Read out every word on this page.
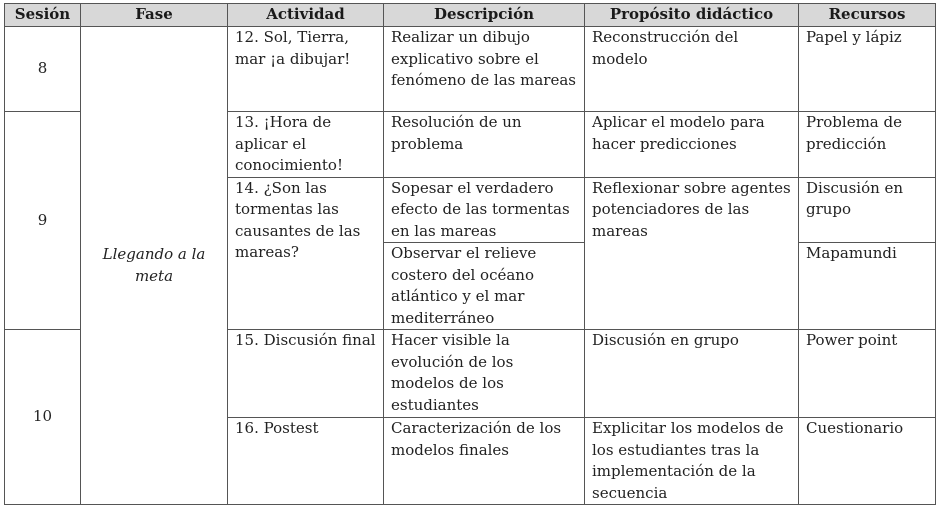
Sesión	Fase	Actividad	Descripción	Propósito didáctico	Recursos
8	Llegando a la meta	12. Sol, Tierra, mar ¡a dibujar!	Realizar un dibujo explicativo sobre el fenómeno de las mareas	Reconstrucción del modelo	Papel y lápiz
9		13. ¡Hora de aplicar el conocimiento!	Resolución de un problema	Aplicar el modelo para hacer predicciones	Problema de predicción
		14. ¿Son las tormentas las causantes de las mareas?	Sopesar el verdadero efecto de las tormentas en las mareas	Reflexionar sobre agentes potenciadores de las mareas	Discusión en grupo
			Observar el relieve costero del océano atlántico y el mar mediterráneo		Mapamundi
10		15. Discusión final	Hacer visible la evolución de los modelos de los estudiantes	Discusión en grupo	Power point
		16. Postest	Caracterización de los modelos finales	Explicitar los modelos de los estudiantes tras la implementación de la secuencia	Cuestionario
